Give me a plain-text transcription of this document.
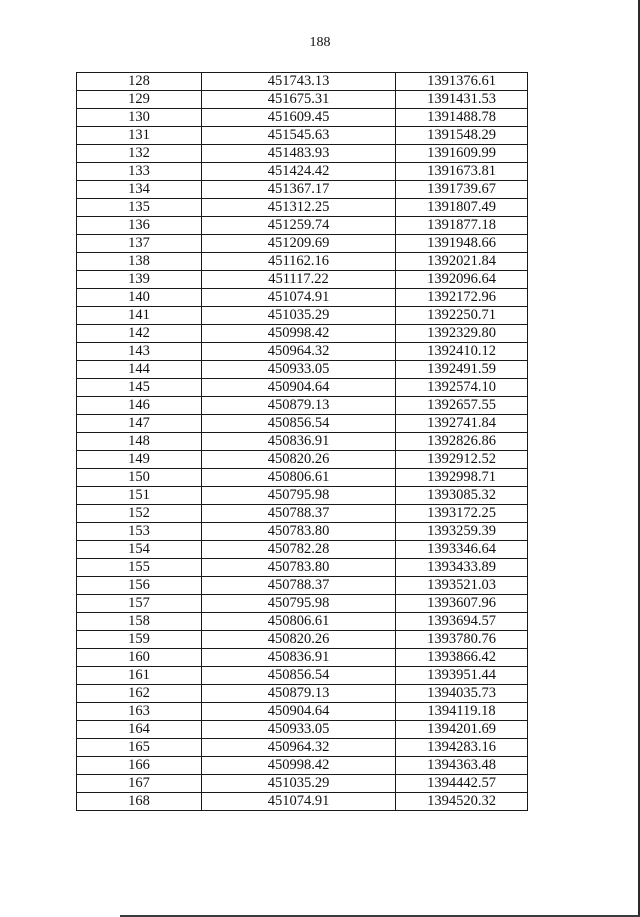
188
128	451743.13	1391376.61
129	451675.31	1391431.53
130	451609.45	1391488.78
131	451545.63	1391548.29
132	451483.93	1391609.99
133	451424.42	1391673.81
134	451367.17	1391739.67
135	451312.25	1391807.49
136	451259.74	1391877.18
137	451209.69	1391948.66
138	451162.16	1392021.84
139	451117.22	1392096.64
140	451074.91	1392172.96
141	451035.29	1392250.71
142	450998.42	1392329.80
143	450964.32	1392410.12
144	450933.05	1392491.59
145	450904.64	1392574.10
146	450879.13	1392657.55
147	450856.54	1392741.84
148	450836.91	1392826.86
149	450820.26	1392912.52
150	450806.61	1392998.71
151	450795.98	1393085.32
152	450788.37	1393172.25
153	450783.80	1393259.39
154	450782.28	1393346.64
155	450783.80	1393433.89
156	450788.37	1393521.03
157	450795.98	1393607.96
158	450806.61	1393694.57
159	450820.26	1393780.76
160	450836.91	1393866.42
161	450856.54	1393951.44
162	450879.13	1394035.73
163	450904.64	1394119.18
164	450933.05	1394201.69
165	450964.32	1394283.16
166	450998.42	1394363.48
167	451035.29	1394442.57
168	451074.91	1394520.32
